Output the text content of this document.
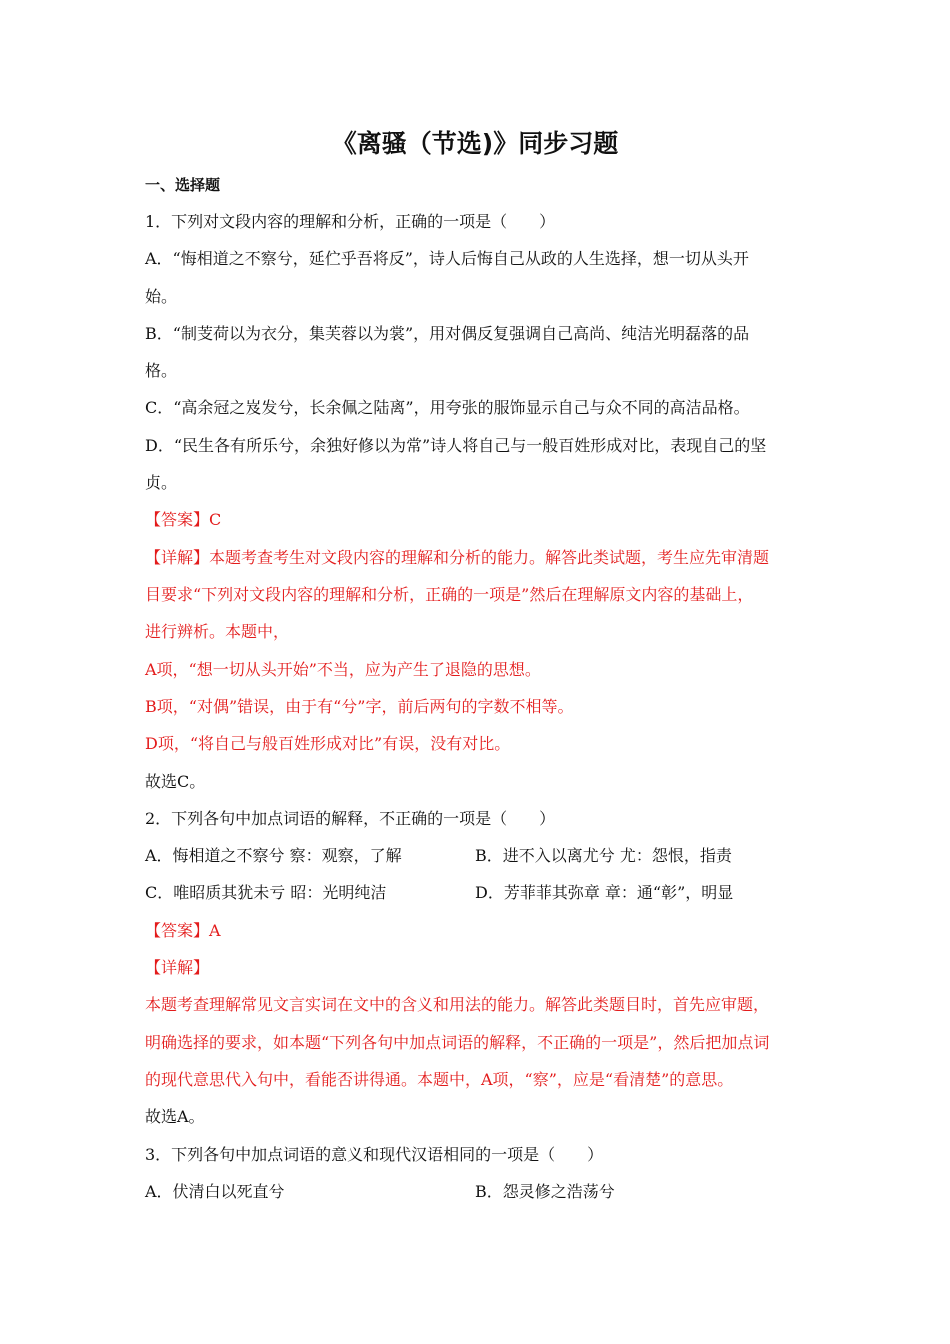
《离骚（节选)》同步习题
一、选择题
1．下列对文段内容的理解和分析，正确的一项是（　　）
A．“悔相道之不察兮，延伫乎吾将反”，诗人后悔自己从政的人生选择，想一切从头开
始。
B．“制芰荷以为衣分，集芙蓉以为裳”，用对偶反复强调自己高尚、纯洁光明磊落的品
格。
C．“高余冠之岌发兮，长余佩之陆离”，用夸张的服饰显示自己与众不同的高洁品格。
D．“民生各有所乐兮，余独好修以为常”诗人将自己与一般百姓形成对比，表现自己的坚
贞。
【答案】C
【详解】本题考查考生对文段内容的理解和分析的能力。解答此类试题，考生应先审清题
目要求“下列对文段内容的理解和分析，正确的一项是”然后在理解原文内容的基础上，
进行辨析。本题中，
A项，“想一切从头开始”不当，应为产生了退隐的思想。
B项，“对偶”错误，由于有“兮”字，前后两句的字数不相等。
D项，“将自己与般百姓形成对比”有误，没有对比。
故选C。
2．下列各句中加点词语的解释，不正确的一项是（　　）
A．悔相道之不察兮 察：观察，了解	B．进不入以离尤兮 尤：怨恨，指责
C．唯昭质其犹未亏 昭：光明纯洁	D．芳菲菲其弥章 章：通“彰”，明显
【答案】A
【详解】
本题考查理解常见文言实词在文中的含义和用法的能力。解答此类题目时，首先应审题，
明确选择的要求，如本题“下列各句中加点词语的解释，不正确的一项是”，然后把加点词
的现代意思代入句中，看能否讲得通。本题中，A项，“察”，应是“看清楚”的意思。
故选A。
3．下列各句中加点词语的意义和现代汉语相同的一项是（　　）
A．伏清白以死直兮	B．怨灵修之浩荡兮
